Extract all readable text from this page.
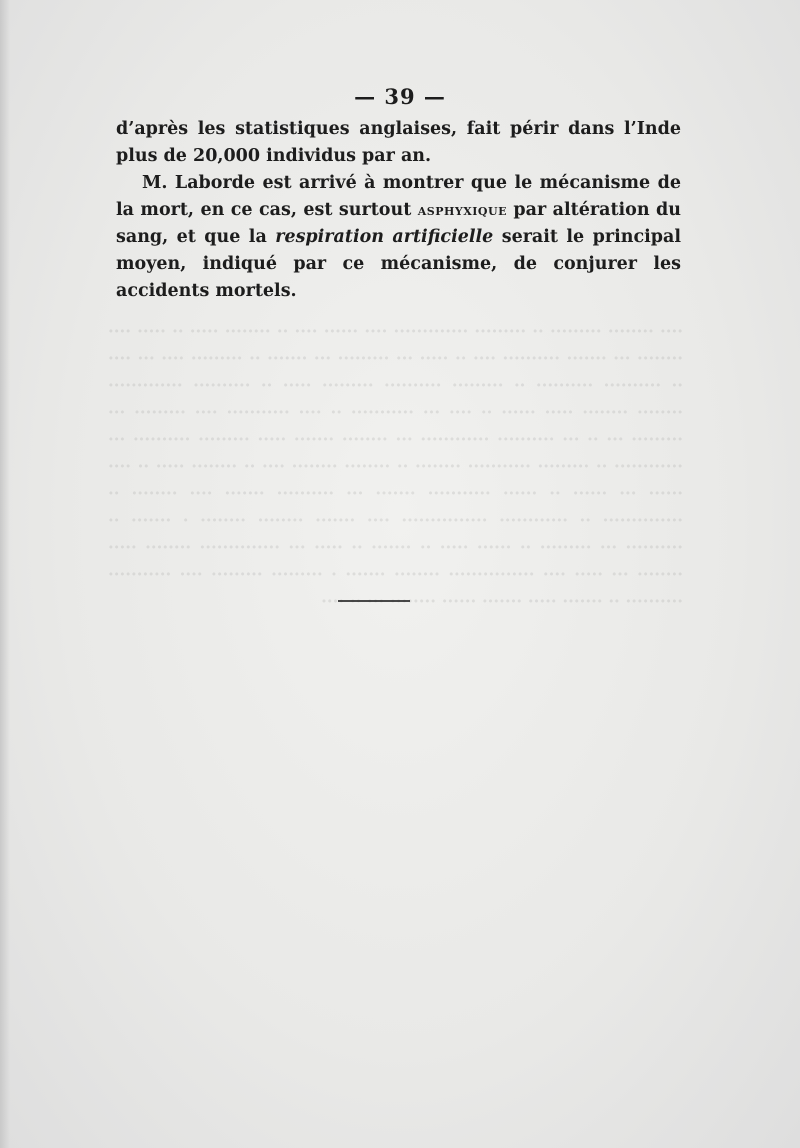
···· ········ ········· ·· ········· ············· ···· ······ ···· ·· ········ ····· ·· ····· ···· ········ ··· ······· ·········· ···· ·· ····· ··· ········· ··· ······· ·· ········· ···· ··· ···· ·· ·········· ·········· ·· ········· ·········· ········· ····· ·· ·········· ············· ········ ········ ····· ······ ·· ···· ··· ··········· ·· ···· ··········· ···· ········· ··· ········· ··· ·· ··· ·········· ············ ··· ········ ······· ····· ········· ·········· ··· ············ ·· ········· ··········· ········ ·· ········ ········ ···· ·· ········ ····· ·· ···· ······ ··· ······ ·· ······ ··········· ······· ··· ·········· ······· ···· ········ ·· ·············· ·· ············ ··············· ···· ······· ········ ········ · ······· ·· ·········· ··· ········· ·· ······ ····· ·· ······· ·· ····· ··· ·············· ········ ····· ········ ··· ····· ···· ··············· ········ ······· · ········· ········· ···· ··········· ·········· ·· ······· ····· ······· ······ ········ ··· ·· ····
— 39 —

d’après les statistiques anglaises, fait périr dans l’Inde plus de 20,000 individus par an.

M. Laborde est arrivé à montrer que le mécanisme de la mort, en ce cas, est surtout asphyxique par altération du sang, et que la respiration artificielle serait le principal moyen, indiqué par ce mécanisme, de conjurer les accidents mortels.
